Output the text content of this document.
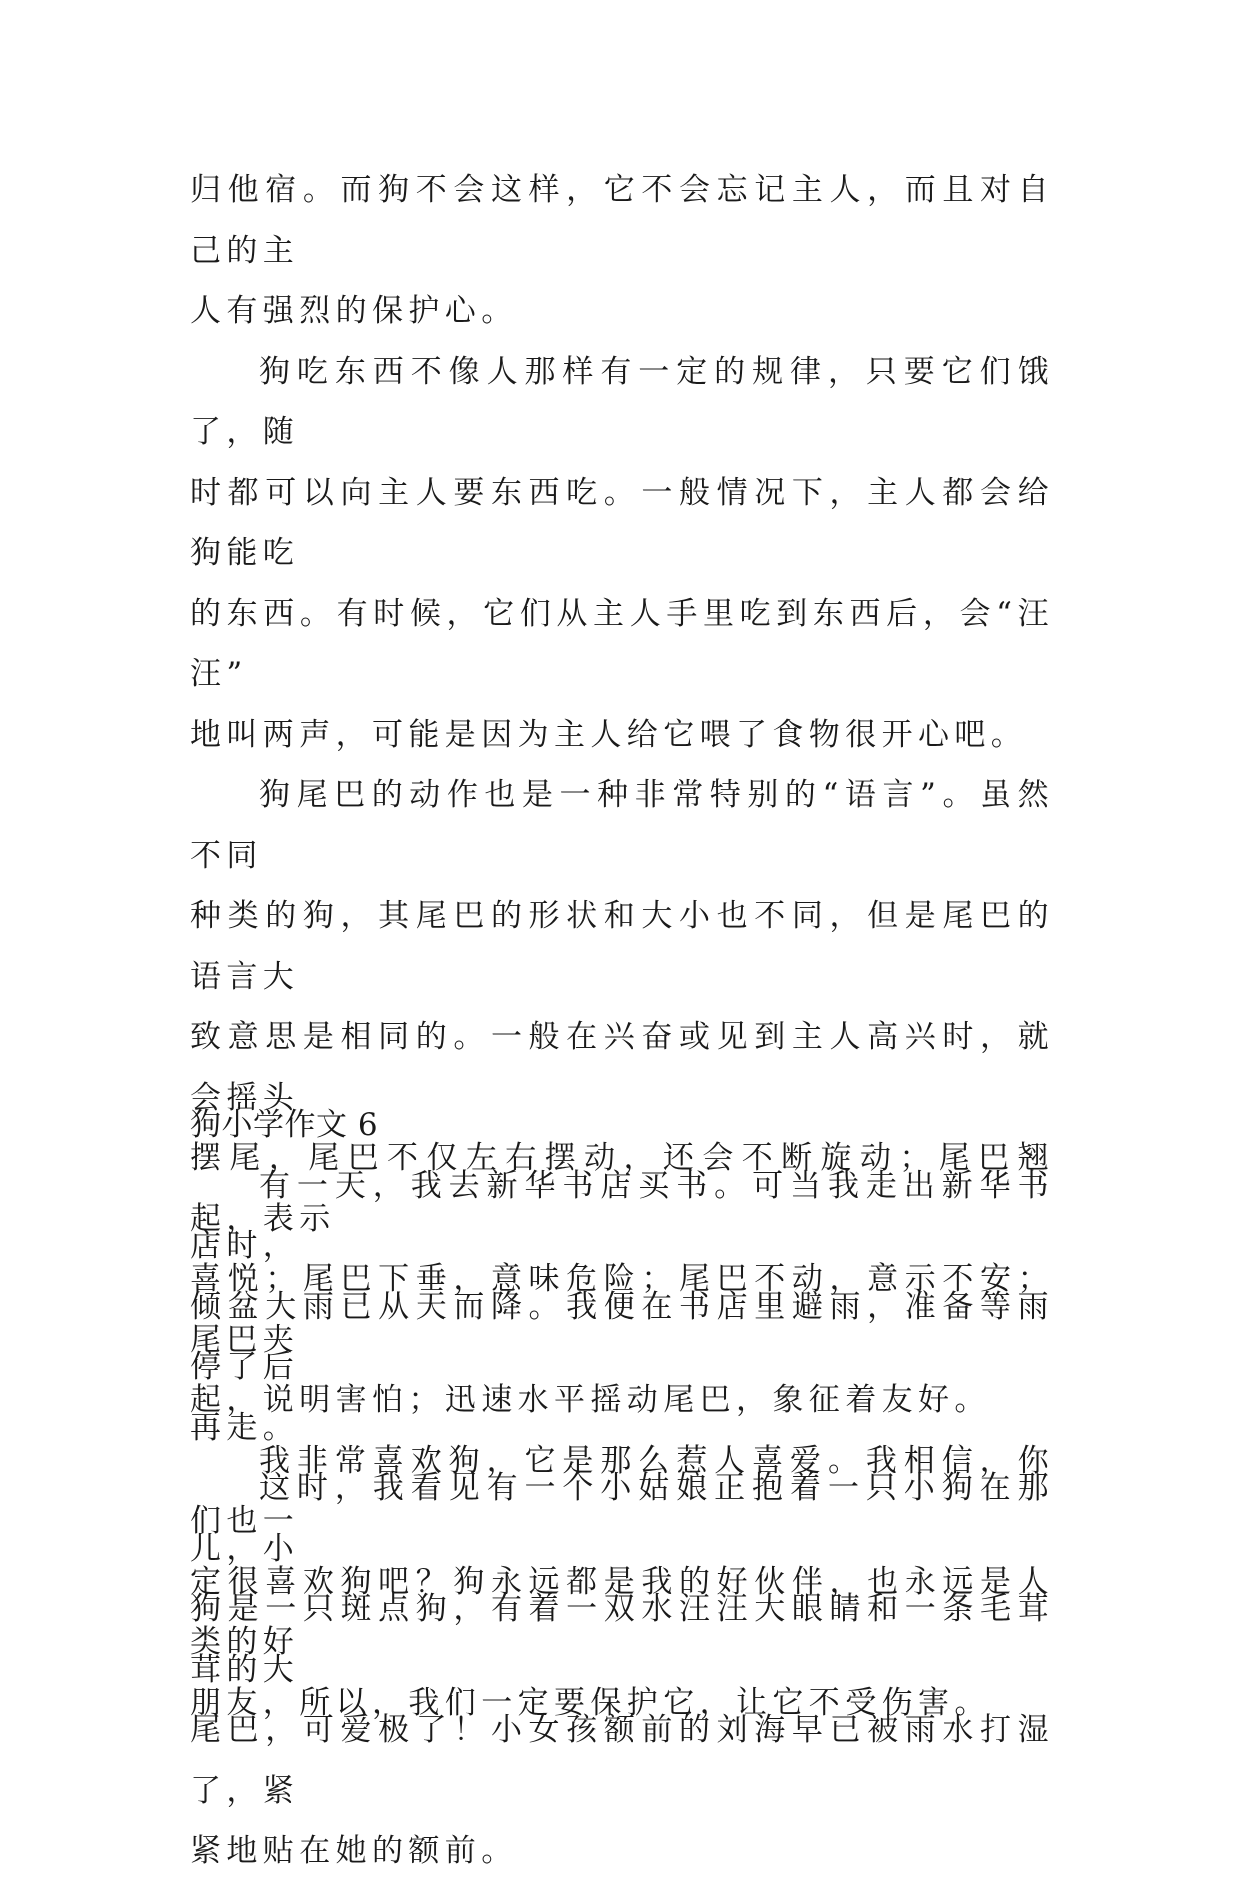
归他宿。而狗不会这样，它不会忘记主人，而且对自己的主
人有强烈的保护心。

狗吃东西不像人那样有一定的规律，只要它们饿了，随
时都可以向主人要东西吃。一般情况下，主人都会给狗能吃
的东西。有时候，它们从主人手里吃到东西后，会“汪汪”
地叫两声，可能是因为主人给它喂了食物很开心吧。

狗尾巴的动作也是一种非常特别的“语言”。虽然不同
种类的狗，其尾巴的形状和大小也不同，但是尾巴的语言大
致意思是相同的。一般在兴奋或见到主人高兴时，就会摇头
摆尾，尾巴不仅左右摆动，还会不断旋动；尾巴翘起，表示
喜悦；尾巴下垂，意味危险；尾巴不动，意示不安；尾巴夹
起，说明害怕；迅速水平摇动尾巴，象征着友好。

我非常喜欢狗，它是那么惹人喜爱。我相信，你们也一
定很喜欢狗吧？狗永远都是我的好伙伴，也永远是人类的好
朋友，所以，我们一定要保护它，让它不受伤害。

狗小学作文 6

有一天，我去新华书店买书。可当我走出新华书店时，
倾盆大雨已从天而降。我便在书店里避雨，准备等雨停了后
再走。

这时，我看见有一个小姑娘正抱着一只小狗在那儿，小
狗是一只斑点狗，有着一双水汪汪大眼睛和一条毛茸茸的大
尾巴，可爱极了！小女孩额前的刘海早已被雨水打湿了，紧
紧地贴在她的额前。
